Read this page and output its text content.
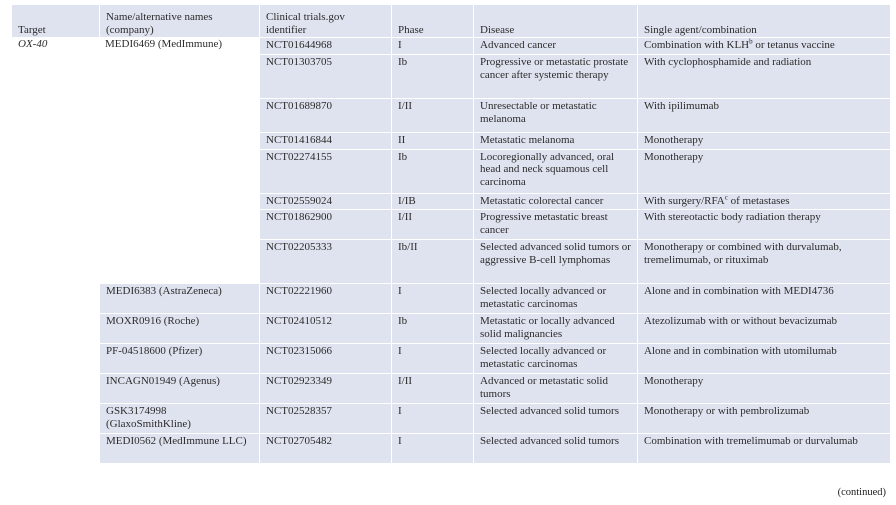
Target	Name/alternative names (company)	Clinical trials.gov identifier	Phase	Disease	Single agent/combination
OX-40	MEDI6469 (MedImmune)	NCT01644968	I	Advanced cancer	Combination with KLH$^b$ or tetanus vaccine
		NCT01303705	Ib	Progressive or metastatic prostate cancer after systemic therapy	With cyclophosphamide and radiation
		NCT01689870	I/II	Unresectable or metastatic melanoma	With ipilimumab
		NCT01416844	II	Metastatic melanoma	Monotherapy
		NCT02274155	Ib	Locoregionally advanced, oral head and neck squamous cell carcinoma	Monotherapy
		NCT02559024	I/IB	Metastatic colorectal cancer	With surgery/RFA$^c$ of metastases
		NCT01862900	I/II	Progressive metastatic breast cancer	With stereotactic body radiation therapy
		NCT02205333	Ib/II	Selected advanced solid tumors or aggressive B-cell lymphomas	Monotherapy or combined with durvalumab, tremelimumab, or rituximab
	MEDI6383 (AstraZeneca)	NCT02221960	I	Selected locally advanced or metastatic carcinomas	Alone and in combination with MEDI4736
	MOXR0916 (Roche)	NCT02410512	Ib	Metastatic or locally advanced solid malignancies	Atezolizumab with or without bevacizumab
	PF-04518600 (Pfizer)	NCT02315066	I	Selected locally advanced or metastatic carcinomas	Alone and in combination with utomilumab
	INCAGN01949 (Agenus)	NCT02923349	I/II	Advanced or metastatic solid tumors	Monotherapy
	GSK3174998 (GlaxoSmithKline)	NCT02528357	I	Selected advanced solid tumors	Monotherapy or with pembrolizumab
	MEDI0562 (MedImmune LLC)	NCT02705482	I	Selected advanced solid tumors	Combination with tremelimumab or durvalumab
(continued)
